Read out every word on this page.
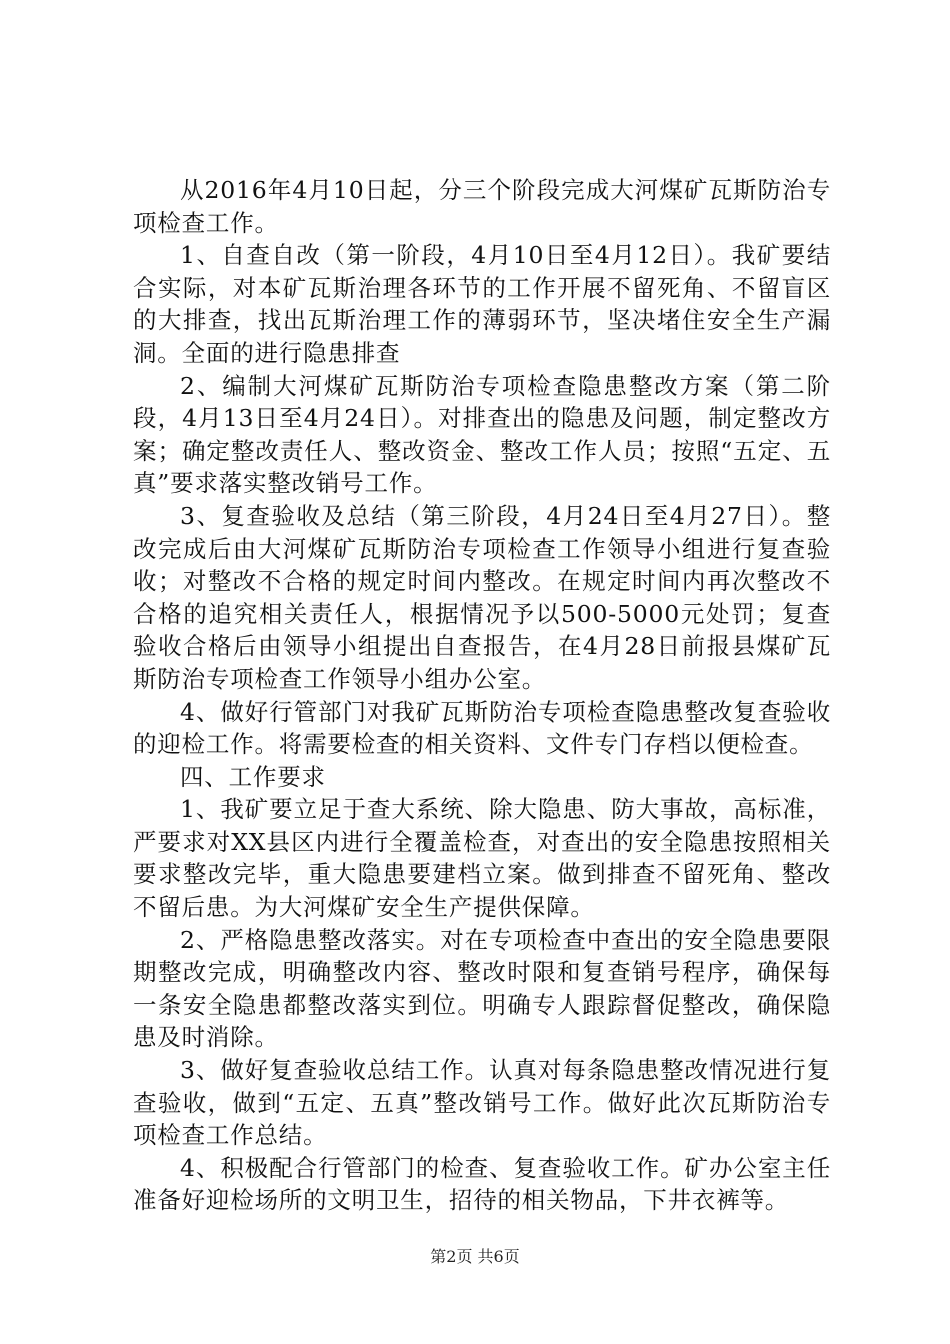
从2016年4月10日起，分三个阶段完成大河煤矿瓦斯防治专项检查工作。

1、自查自改（第一阶段，4月10日至4月12日）。我矿要结合实际，对本矿瓦斯治理各环节的工作开展不留死角、不留盲区的大排查，找出瓦斯治理工作的薄弱环节，坚决堵住安全生产漏洞。全面的进行隐患排查

2、编制大河煤矿瓦斯防治专项检查隐患整改方案（第二阶段，4月13日至4月24日）。对排查出的隐患及问题，制定整改方案；确定整改责任人、整改资金、整改工作人员；按照“五定、五真”要求落实整改销号工作。

3、复查验收及总结（第三阶段，4月24日至4月27日）。整改完成后由大河煤矿瓦斯防治专项检查工作领导小组进行复查验收；对整改不合格的规定时间内整改。在规定时间内再次整改不合格的追究相关责任人，根据情况予以500-5000元处罚；复查验收合格后由领导小组提出自查报告，在4月28日前报县煤矿瓦斯防治专项检查工作领导小组办公室。

4、做好行管部门对我矿瓦斯防治专项检查隐患整改复查验收的迎检工作。将需要检查的相关资料、文件专门存档以便检查。

四、工作要求

1、我矿要立足于查大系统、除大隐患、防大事故，高标准，严要求对XX县区内进行全覆盖检查，对查出的安全隐患按照相关要求整改完毕，重大隐患要建档立案。做到排查不留死角、整改不留后患。为大河煤矿安全生产提供保障。

2、严格隐患整改落实。对在专项检查中查出的安全隐患要限期整改完成，明确整改内容、整改时限和复查销号程序，确保每一条安全隐患都整改落实到位。明确专人跟踪督促整改，确保隐患及时消除。

3、做好复查验收总结工作。认真对每条隐患整改情况进行复查验收，做到“五定、五真”整改销号工作。做好此次瓦斯防治专项检查工作总结。

4、积极配合行管部门的检查、复查验收工作。矿办公室主任准备好迎检场所的文明卫生，招待的相关物品，下井衣裤等。

第2页 共6页
